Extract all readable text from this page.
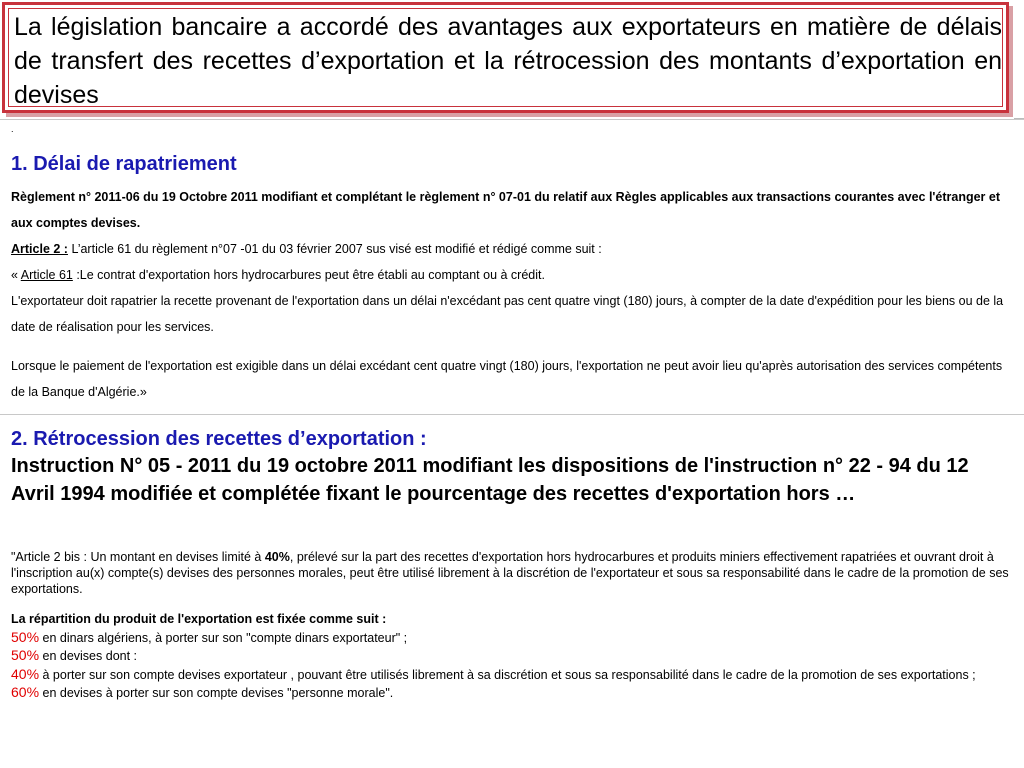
La législation bancaire a accordé des avantages aux exportateurs en matière de délais de transfert des recettes d’exportation et la rétrocession des montants d’exportation en devises
.
1. Délai de rapatriement
Règlement n° 2011-06 du 19 Octobre 2011 modifiant et complétant le règlement n° 07-01 du relatif aux Règles applicables aux transactions courantes avec l'étranger et aux comptes devises.
Article 2 : L’article 61 du règlement n°07 -01 du 03 février 2007 sus visé est modifié et rédigé comme suit :
« Article 61 :Le contrat d'exportation hors hydrocarbures peut être établi au comptant ou à crédit.
L'exportateur doit rapatrier la recette provenant de l'exportation dans un délai n'excédant pas cent quatre vingt (180) jours, à compter de la date d'expédition pour les biens ou de la date de réalisation pour les services.
Lorsque le paiement de l'exportation est exigible dans un délai excédant cent quatre vingt (180) jours, l'exportation ne peut avoir lieu qu'après autorisation des services compétents de la Banque d'Algérie.»
2. Rétrocession des recettes d’exportation :
Instruction N° 05 - 2011 du 19 octobre 2011 modifiant les dispositions de l'instruction n° 22 - 94 du 12 Avril 1994 modifiée et complétée fixant le pourcentage des recettes d'exportation hors …
"Article 2 bis : Un montant en devises limité à 40%, prélevé sur la part des recettes d'exportation hors hydrocarbures et produits miniers effectivement rapatriées et ouvrant droit à l'inscription au(x) compte(s) devises des personnes morales, peut être utilisé librement à la discrétion de l'exportateur et sous sa responsabilité dans le cadre de la promotion de ses exportations.
La répartition du produit de l'exportation est fixée comme suit :
50% en dinars algériens, à porter sur son "compte dinars exportateur" ;
50% en devises dont :
40% à porter sur son compte devises exportateur , pouvant être utilisés librement à sa discrétion et sous sa responsabilité dans le cadre de la promotion de ses exportations ;
60% en devises à porter sur son compte devises "personne morale".
